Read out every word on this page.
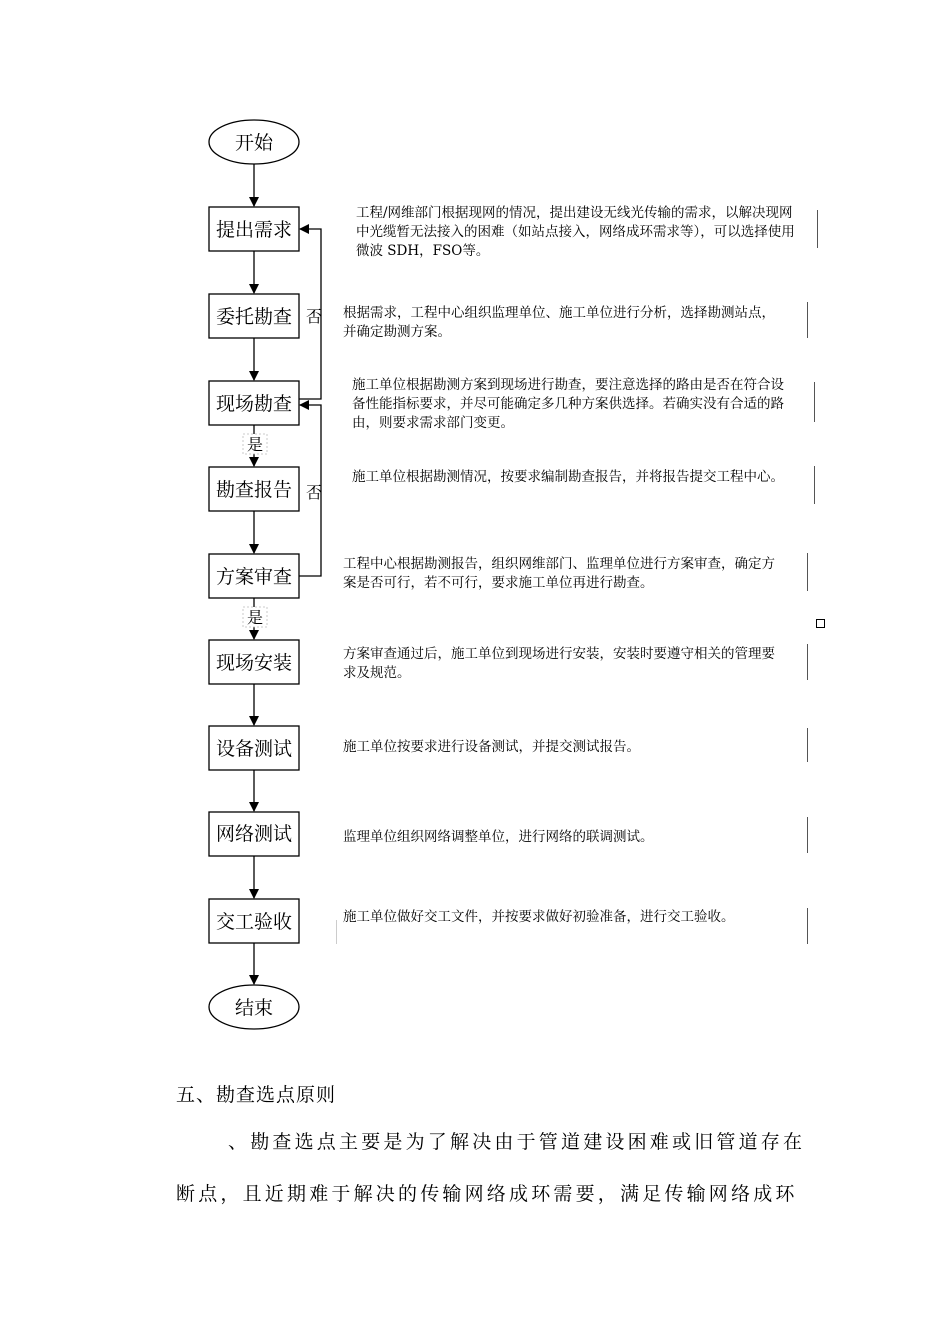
开始
结束
提出需求
委托勘查
现场勘查
勘查报告
方案审查
现场安装
设备测试
网络测试
交工验收
否
否
是
是

工程/网维部门根据现网的情况，提出建设无线光传输的需求，以解决现网中光缆暂无法接入的困难（如站点接入，网络成环需求等），可以选择使用微波 SDH，FSO等。

根据需求，工程中心组织监理单位、施工单位进行分析，选择勘测站点，并确定勘测方案。

施工单位根据勘测方案到现场进行勘查，要注意选择的路由是否在符合设备性能指标要求，并尽可能确定多几种方案供选择。若确实没有合适的路由，则要求需求部门变更。

施工单位根据勘测情况，按要求编制勘查报告，并将报告提交工程中心。

工程中心根据勘测报告，组织网维部门、监理单位进行方案审查，确定方案是否可行，若不可行，要求施工单位再进行勘查。

方案审查通过后，施工单位到现场进行安装，安装时要遵守相关的管理要求及规范。

施工单位按要求进行设备测试，并提交测试报告。

监理单位组织网络调整单位，进行网络的联调测试。

施工单位做好交工文件，并按要求做好初验准备，进行交工验收。

五、勘查选点原则

、勘查选点主要是为了解决由于管道建设困难或旧管道存在

断点，且近期难于解决的传输网络成环需要，满足传输网络成环
